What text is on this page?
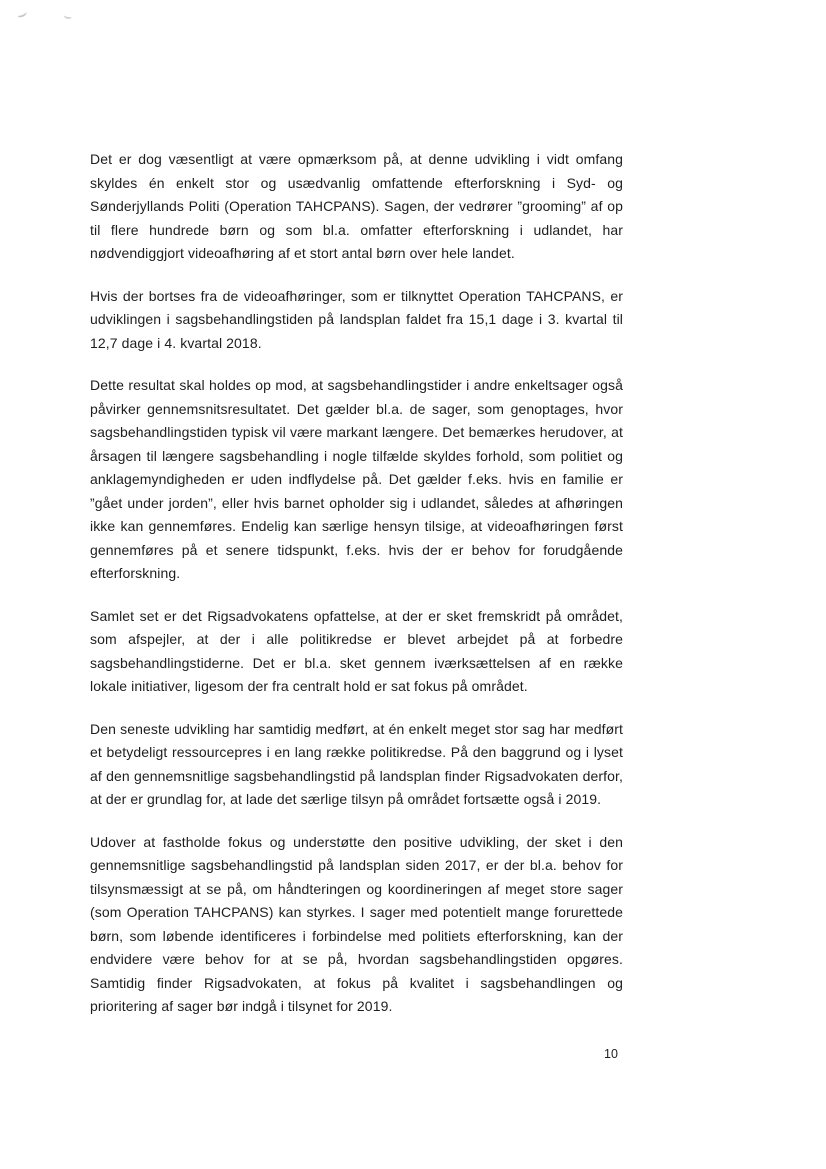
Det er dog væsentligt at være opmærksom på, at denne udvikling i vidt omfang skyldes én enkelt stor og usædvanlig omfattende efterforskning i Syd- og Sønderjyllands Politi (Operation TAHCPANS). Sagen, der vedrører ”grooming” af op til flere hundrede børn og som bl.a. omfatter efterforskning i udlandet, har nødvendiggjort videoafhøring af et stort antal børn over hele landet.

Hvis der bortses fra de videoafhøringer, som er tilknyttet Operation TAHCPANS, er udviklingen i sagsbehandlingstiden på landsplan faldet fra 15,1 dage i 3. kvartal til 12,7 dage i 4. kvartal 2018.

Dette resultat skal holdes op mod, at sagsbehandlingstider i andre enkeltsager også påvirker gennemsnitsresultatet. Det gælder bl.a. de sager, som genoptages, hvor sagsbehandlingstiden typisk vil være markant længere. Det bemærkes herudover, at årsagen til længere sagsbehandling i nogle tilfælde skyldes forhold, som politiet og anklagemyndigheden er uden indflydelse på. Det gælder f.eks. hvis en familie er ”gået under jorden”, eller hvis barnet opholder sig i udlandet, således at afhøringen ikke kan gennemføres. Endelig kan særlige hensyn tilsige, at videoafhøringen først gennemføres på et senere tidspunkt, f.eks. hvis der er behov for forudgående efterforskning.

Samlet set er det Rigsadvokatens opfattelse, at der er sket fremskridt på området, som afspejler, at der i alle politikredse er blevet arbejdet på at forbedre sagsbehandlingstiderne. Det er bl.a. sket gennem iværksættelsen af en række lokale initiativer, ligesom der fra centralt hold er sat fokus på området.

Den seneste udvikling har samtidig medført, at én enkelt meget stor sag har medført et betydeligt ressourcepres i en lang række politikredse. På den baggrund og i lyset af den gennemsnitlige sagsbehandlingstid på landsplan finder Rigsadvokaten derfor, at der er grundlag for, at lade det særlige tilsyn på området fortsætte også i 2019.

Udover at fastholde fokus og understøtte den positive udvikling, der sket i den gennemsnitlige sagsbehandlingstid på landsplan siden 2017, er der bl.a. behov for tilsynsmæssigt at se på, om håndteringen og koordineringen af meget store sager (som Operation TAHCPANS) kan styrkes. I sager med potentielt mange forurettede børn, som løbende identificeres i forbindelse med politiets efterforskning, kan der endvidere være behov for at se på, hvordan sagsbehandlingstiden opgøres. Samtidig finder Rigsadvokaten, at fokus på kvalitet i sagsbehandlingen og prioritering af sager bør indgå i tilsynet for 2019.

10
